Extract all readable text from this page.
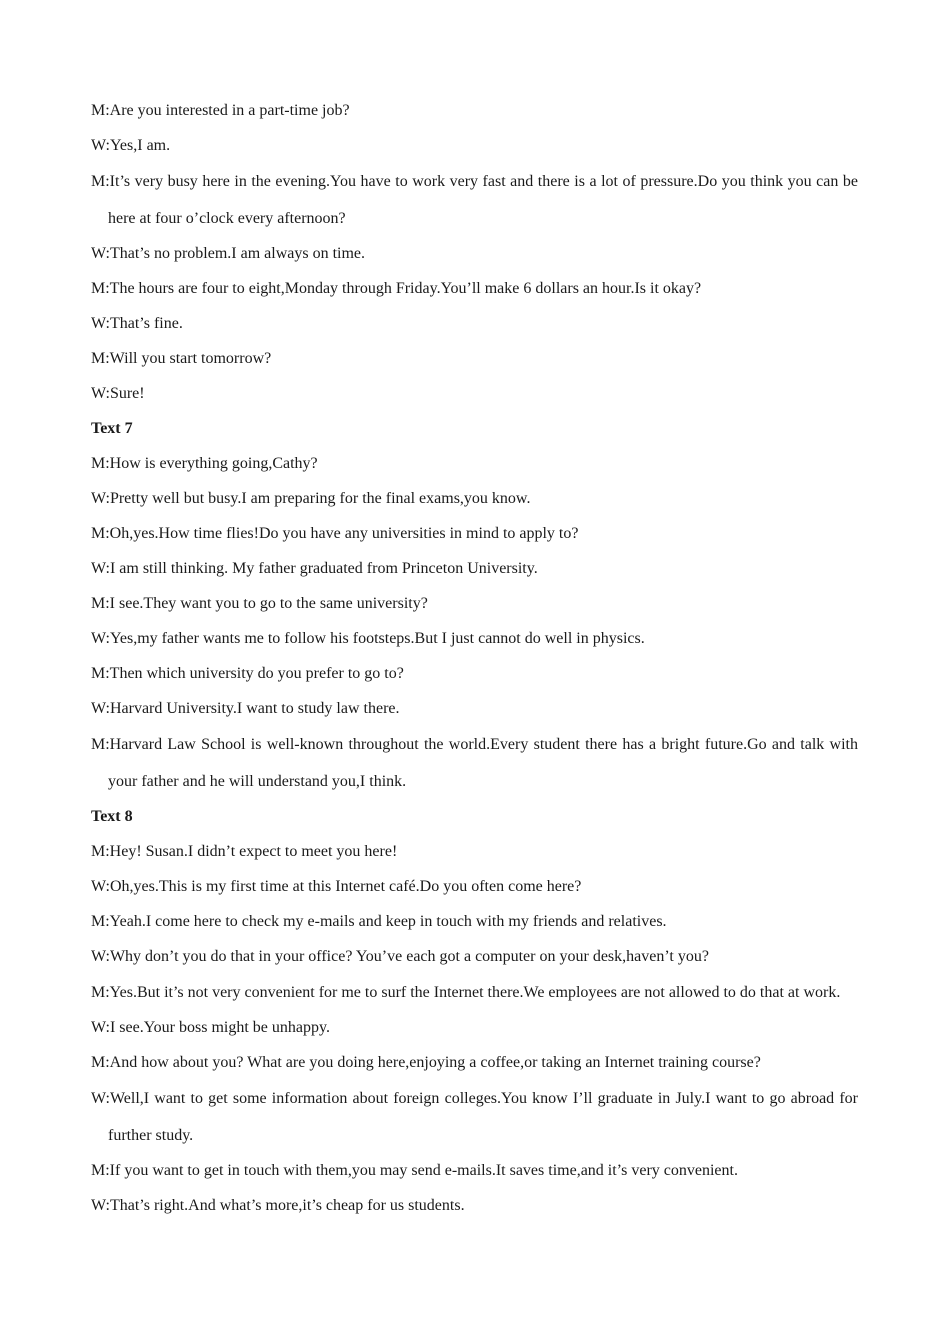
M:Are you interested in a part-time job?

W:Yes,I am.

M:It’s very busy here in the evening.You have to work very fast and there is a lot of pressure.Do you think you can be here at four o’clock every afternoon?

W:That’s no problem.I am always on time.

M:The hours are four to eight,Monday through Friday.You’ll make 6 dollars an hour.Is it okay?

W:That’s fine.

M:Will you start tomorrow?

W:Sure!

Text 7

M:How is everything going,Cathy?

W:Pretty well but busy.I am preparing for the final exams,you know.

M:Oh,yes.How time flies!Do you have any universities in mind to apply to?

W:I am still thinking. My father graduated from Princeton University.

M:I see.They want you to go to the same university?

W:Yes,my father wants me to follow his footsteps.But I just cannot do well in physics.

M:Then which university do you prefer to go to?

W:Harvard University.I want to study law there.

M:Harvard Law School is well-known throughout the world.Every student there has a bright future.Go and talk with your father and he will understand you,I think.

Text 8

M:Hey! Susan.I didn’t expect to meet you here!

W:Oh,yes.This is my first time at this Internet café.Do you often come here?

M:Yeah.I come here to check my e-mails and keep in touch with my friends and relatives.

W:Why don’t you do that in your office? You’ve each got a computer on your desk,haven’t you?

M:Yes.But it’s not very convenient for me to surf the Internet there.We employees are not allowed to do that at work.

W:I see.Your boss might be unhappy.

M:And how about you? What are you doing here,enjoying a coffee,or taking an Internet training course?

W:Well,I want to get some information about foreign colleges.You know I’ll graduate in July.I want to go abroad for further study.

M:If you want to get in touch with them,you may send e-mails.It saves time,and it’s very convenient.

W:That’s right.And what’s more,it’s cheap for us students.
